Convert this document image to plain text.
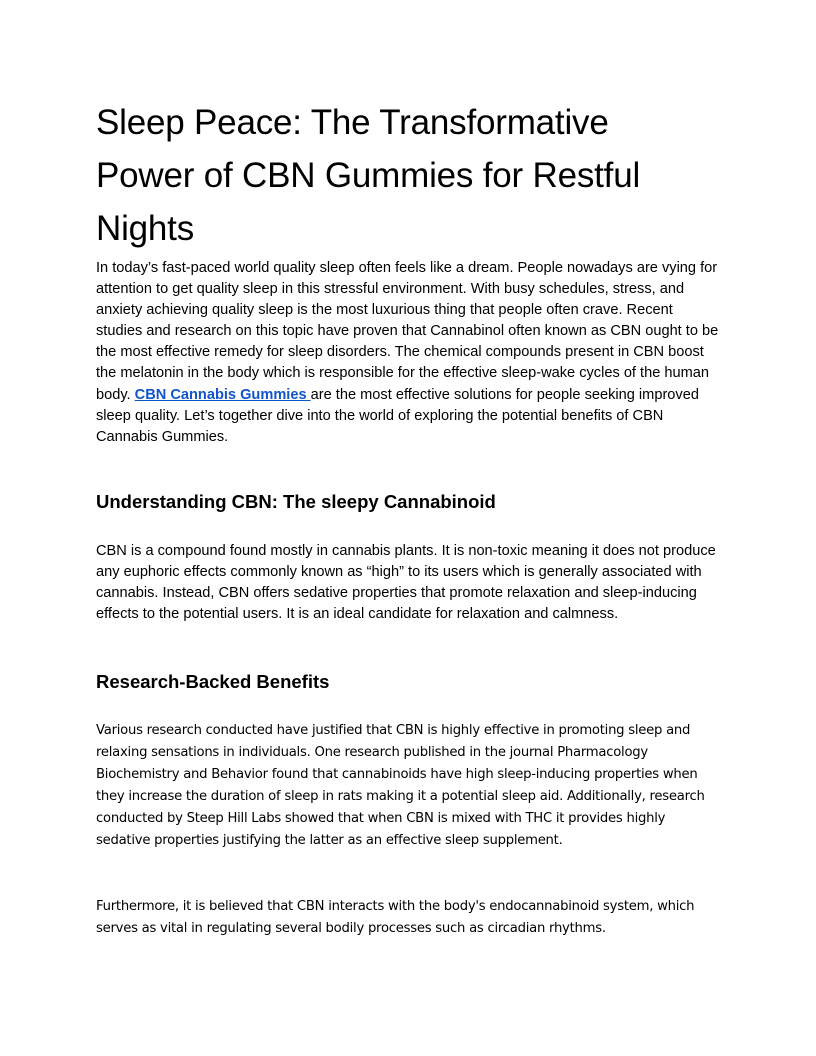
Sleep Peace: The Transformative Power of CBN Gummies for Restful Nights

In today’s fast-paced world quality sleep often feels like a dream. People nowadays are vying for attention to get quality sleep in this stressful environment. With busy schedules, stress, and anxiety achieving quality sleep is the most luxurious thing that people often crave. Recent studies and research on this topic have proven that Cannabinol often known as CBN ought to be the most effective remedy for sleep disorders. The chemical compounds present in CBN boost the melatonin in the body which is responsible for the effective sleep-wake cycles of the human body. CBN Cannabis Gummies are the most effective solutions for people seeking improved sleep quality. Let’s together dive into the world of exploring the potential benefits of CBN Cannabis Gummies.

Understanding CBN: The sleepy Cannabinoid

CBN is a compound found mostly in cannabis plants. It is non-toxic meaning it does not produce any euphoric effects commonly known as “high” to its users which is generally associated with cannabis. Instead, CBN offers sedative properties that promote relaxation and sleep-inducing effects to the potential users. It is an ideal candidate for relaxation and calmness.

Research-Backed Benefits

Various research conducted have justified that CBN is highly effective in promoting sleep and relaxing sensations in individuals. One research published in the journal Pharmacology Biochemistry and Behavior found that cannabinoids have high sleep-inducing properties when they increase the duration of sleep in rats making it a potential sleep aid. Additionally, research conducted by Steep Hill Labs showed that when CBN is mixed with THC it provides highly sedative properties justifying the latter as an effective sleep supplement.

Furthermore, it is believed that CBN interacts with the body's endocannabinoid system, which serves as vital in regulating several bodily processes such as circadian rhythms.
